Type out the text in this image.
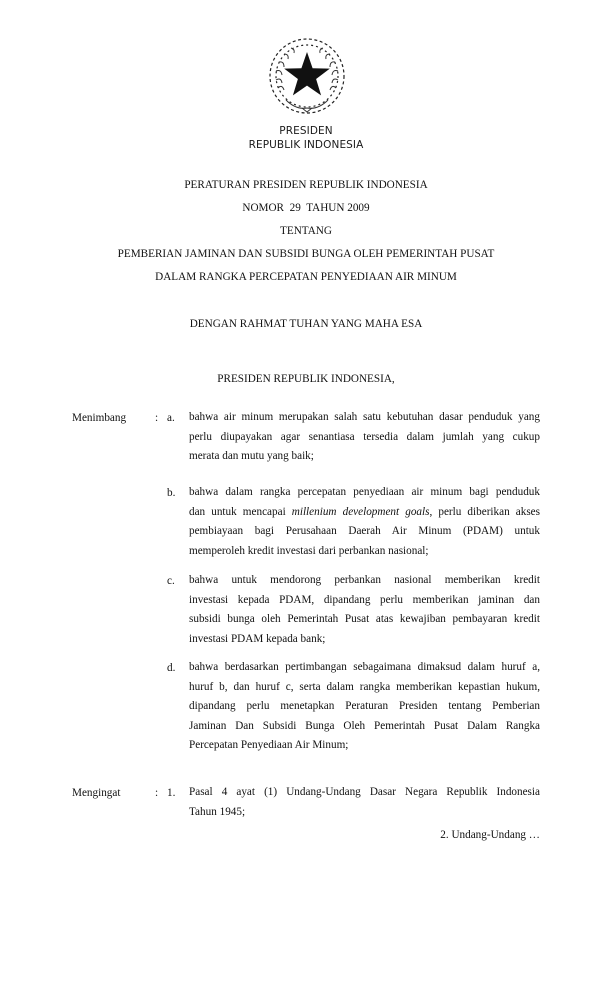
PRESIDEN
REPUBLIK INDONESIA
PERATURAN PRESIDEN REPUBLIK INDONESIA
NOMOR  29  TAHUN 2009
TENTANG
PEMBERIAN JAMINAN DAN SUBSIDI BUNGA OLEH PEMERINTAH PUSAT
DALAM RANGKA PERCEPATAN PENYEDIAAN AIR MINUM
DENGAN RAHMAT TUHAN YANG MAHA ESA
PRESIDEN REPUBLIK INDONESIA,
Menimbang	: a. bahwa air minum merupakan salah satu kebutuhan dasar penduduk yang
perlu diupayakan agar senantiasa tersedia dalam jumlah yang cukup
merata dan mutu yang baik;
b. bahwa dalam rangka percepatan penyediaan air minum bagi penduduk
dan untuk mencapai millenium development goals, perlu diberikan akses
pembiayaan bagi Perusahaan Daerah Air Minum (PDAM) untuk
memperoleh kredit investasi dari perbankan nasional;
c. bahwa untuk mendorong perbankan nasional memberikan kredit
investasi kepada PDAM, dipandang perlu memberikan jaminan dan
subsidi bunga oleh Pemerintah Pusat atas kewajiban pembayaran kredit
investasi PDAM kepada bank;
d. bahwa berdasarkan pertimbangan sebagaimana dimaksud dalam huruf a,
huruf b, dan huruf c, serta dalam rangka memberikan kepastian hukum,
dipandang perlu menetapkan Peraturan Presiden tentang Pemberian
Jaminan Dan Subsidi Bunga Oleh Pemerintah Pusat Dalam Rangka
Percepatan Penyediaan Air Minum;
Mengingat	: 1. Pasal 4 ayat (1) Undang-Undang Dasar Negara Republik Indonesia
Tahun 1945;
2. Undang-Undang …
